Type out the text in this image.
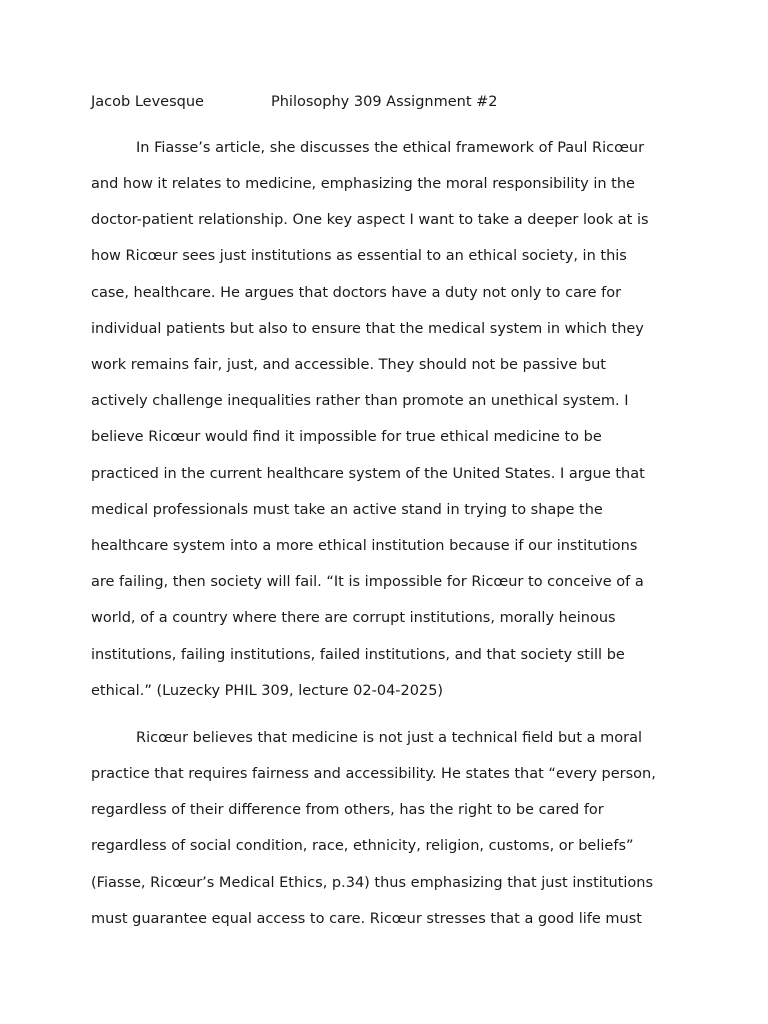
Jacob Levesque	Philosophy 309 Assignment #2
In Fiasse’s article, she discusses the ethical framework of Paul Ricœur
and how it relates to medicine, emphasizing the moral responsibility in the
doctor-patient relationship. One key aspect I want to take a deeper look at is
how Ricœur sees just institutions as essential to an ethical society, in this
case, healthcare. He argues that doctors have a duty not only to care for
individual patients but also to ensure that the medical system in which they
work remains fair, just, and accessible. They should not be passive but
actively challenge inequalities rather than promote an unethical system. I
believe Ricœur would find it impossible for true ethical medicine to be
practiced in the current healthcare system of the United States. I argue that
medical professionals must take an active stand in trying to shape the
healthcare system into a more ethical institution because if our institutions
are failing, then society will fail. “It is impossible for Ricœur to conceive of a
world, of a country where there are corrupt institutions, morally heinous
institutions, failing institutions, failed institutions, and that society still be
ethical.” (Luzecky PHIL 309, lecture 02-04-2025)
Ricœur believes that medicine is not just a technical field but a moral
practice that requires fairness and accessibility. He states that “every person,
regardless of their difference from others, has the right to be cared for
regardless of social condition, race, ethnicity, religion, customs, or beliefs”
(Fiasse, Ricœur’s Medical Ethics, p.34) thus emphasizing that just institutions
must guarantee equal access to care. Ricœur stresses that a good life must
